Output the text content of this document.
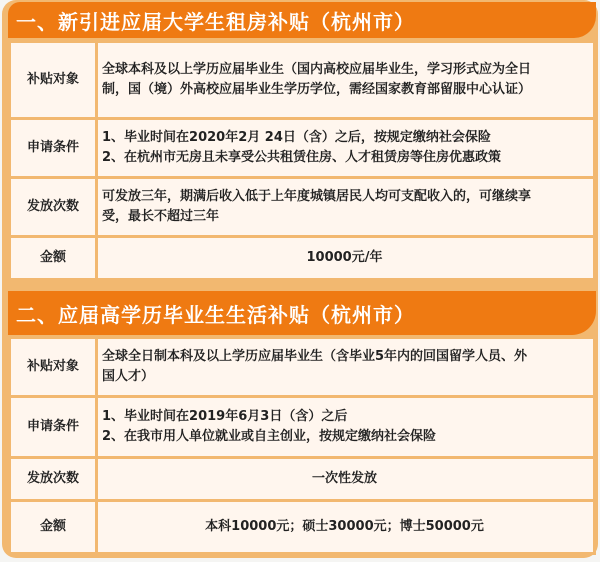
一、新引进应届大学生租房补贴（杭州市）
补贴对象	全球本科及以上学历应届毕业生（国内高校应届毕业生，学习形式应为全日
制，国（境）外高校应届毕业生学历学位，需经国家教育部留服中心认证）

申请条件	1、毕业时间在2020年2月 24日（含）之后，按规定缴纳社会保险
2、在杭州市无房且未享受公共租赁住房、人才租赁房等住房优惠政策

发放次数	可发放三年，期满后收入低于上年度城镇居民人均可支配收入的，可继续享
受，最长不超过三年

金额	10000元/年
二、应届高学历毕业生生活补贴（杭州市）
补贴对象	全球全日制本科及以上学历应届毕业生（含毕业5年内的回国留学人员、外
国人才）

申请条件	1、毕业时间在2019年6月3日（含）之后
2、在我市用人单位就业或自主创业，按规定缴纳社会保险

发放次数	一次性发放
金额	本科10000元；硕士30000元；博士50000元
